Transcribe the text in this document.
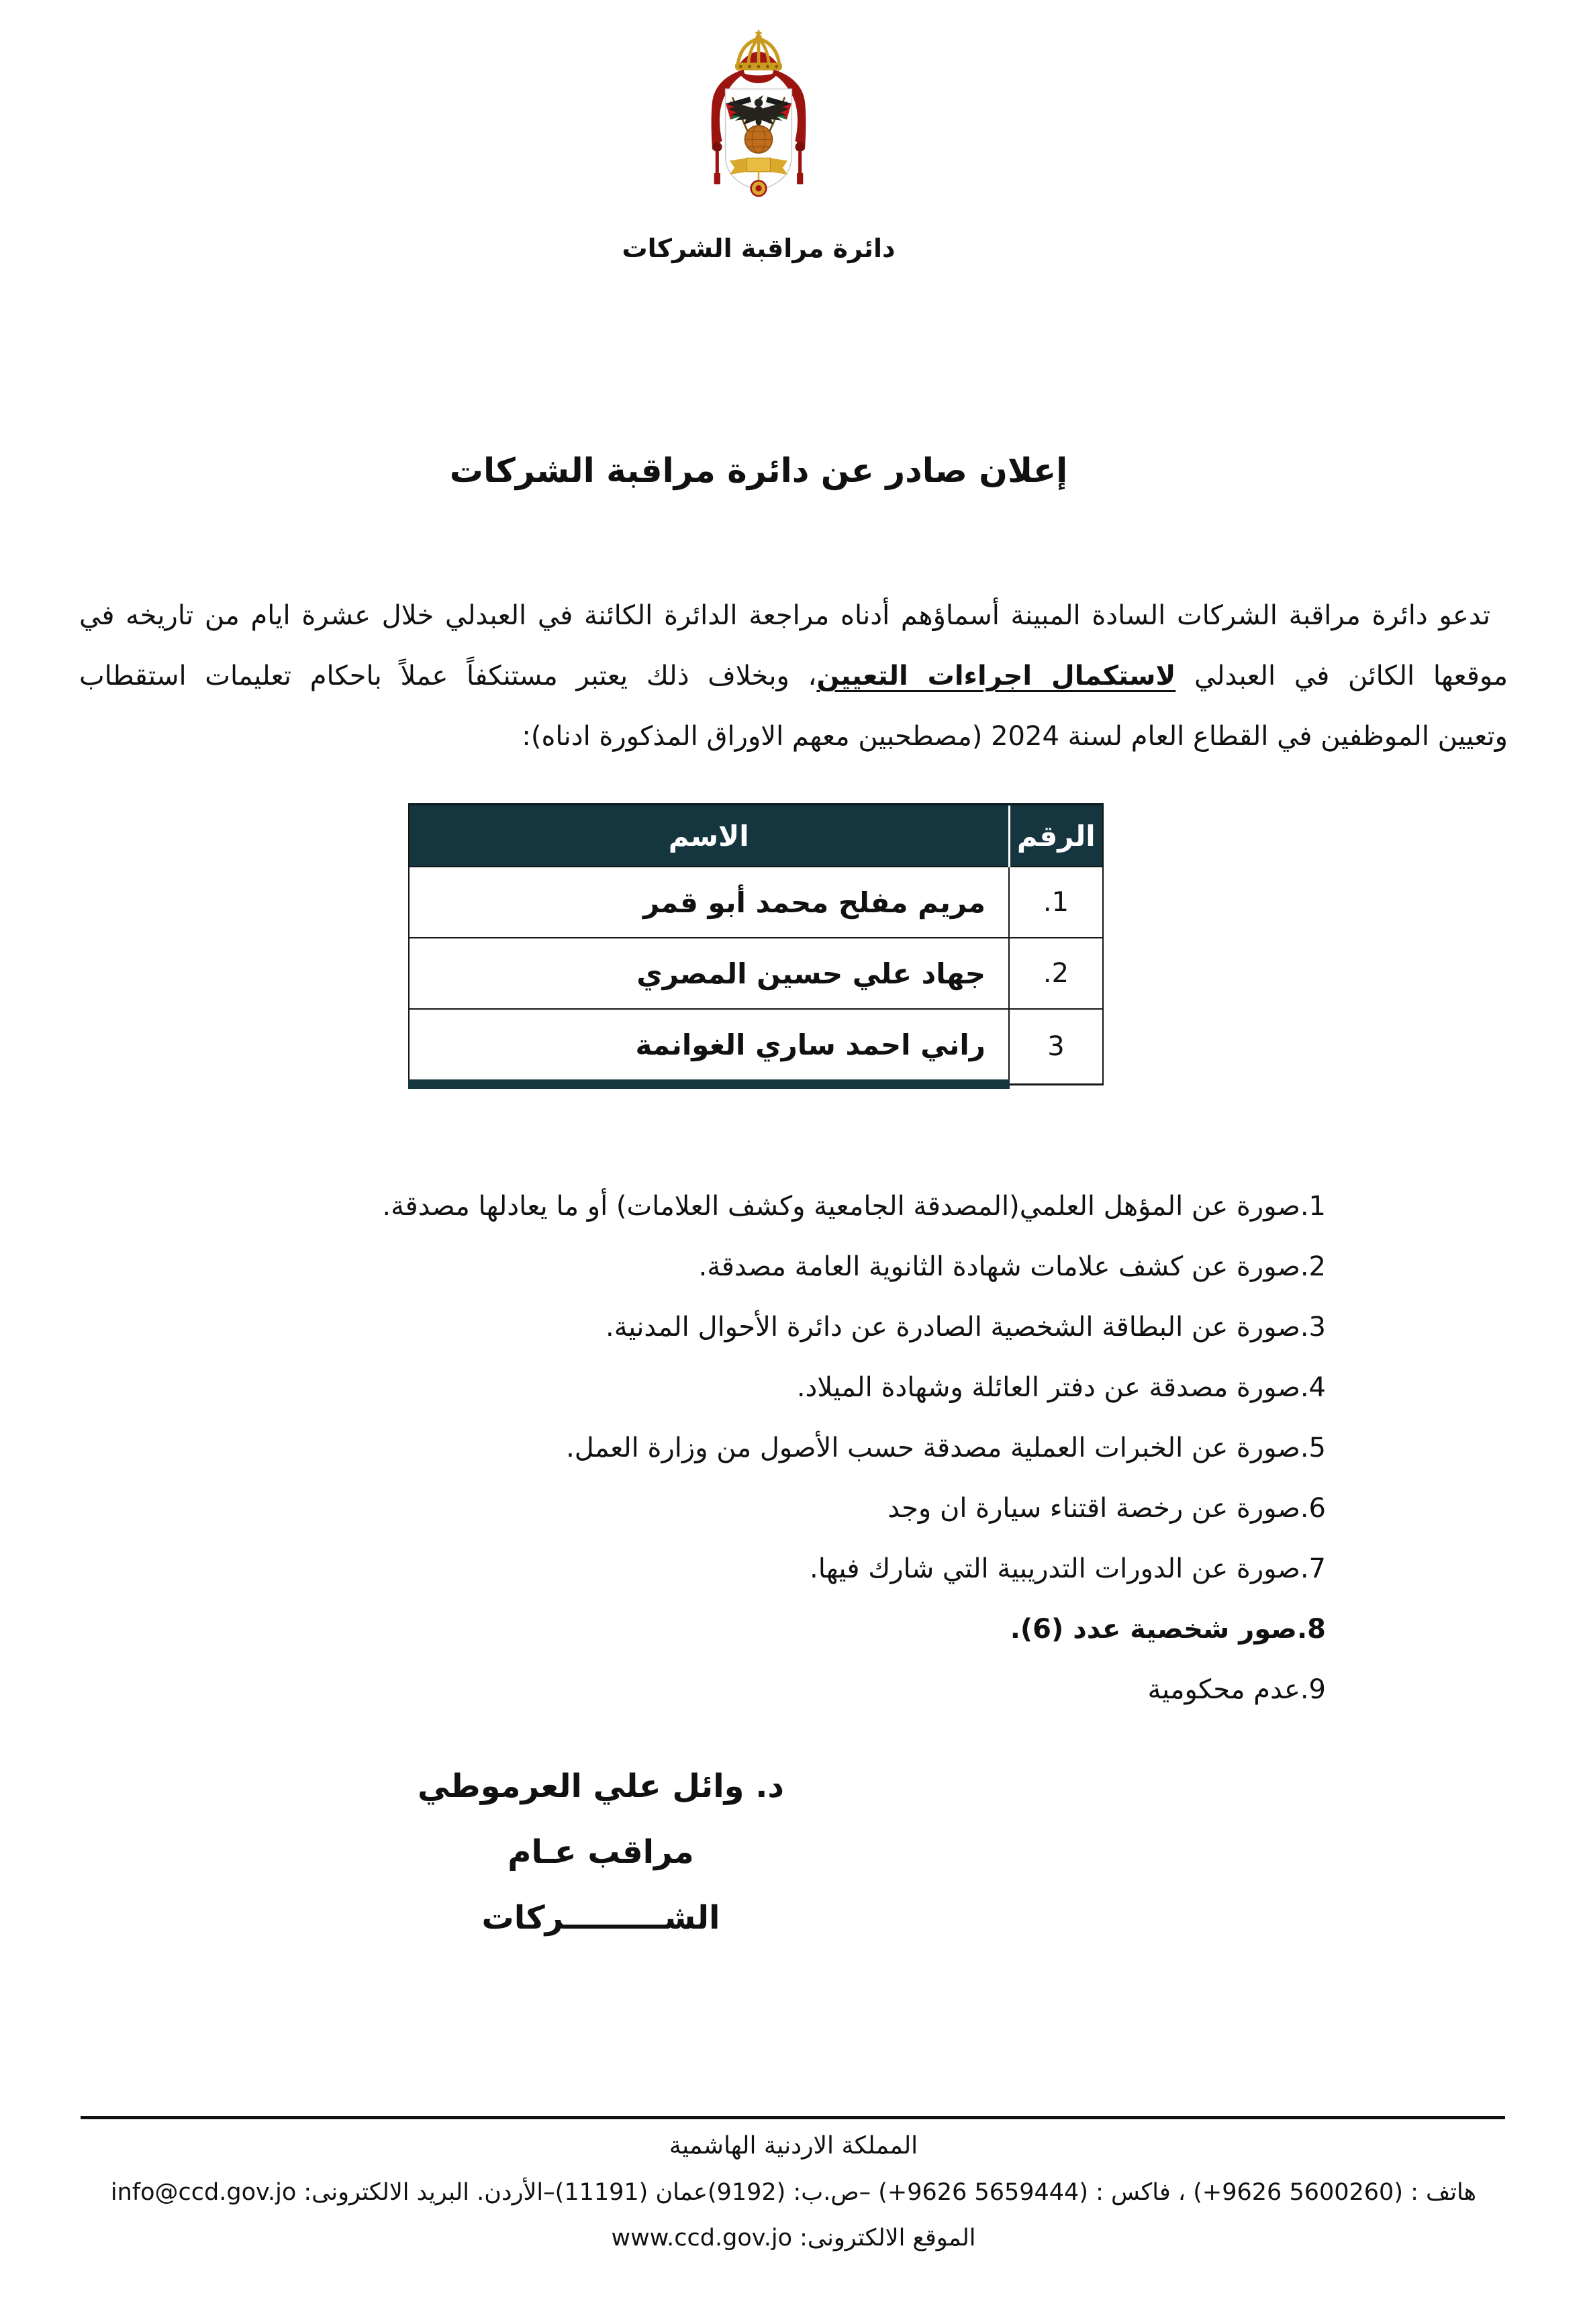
دائرة مراقبة الشركات
إعلان صادر عن دائرة مراقبة الشركات
تدعو دائرة مراقبة الشركات السادة المبينة أسماؤهم أدناه مراجعة الدائرة الكائنة في العبدلي خلال عشرة ايام من تاريخه في
موقعها الكائن في العبدلي لاستكمال اجراءات التعيين، وبخلاف ذلك يعتبر مستنكفاً عملاً باحكام تعليمات استقطاب
وتعيين الموظفين في القطاع العام لسنة 2024 (مصطحبين معهم الاوراق المذكورة ادناه):
الرقم	الاسم
1.	مريم مفلح محمد أبو قمر
2.	جهاد علي حسين المصري
3	راني احمد ساري الغوانمة
1.صورة عن المؤهل العلمي(المصدقة الجامعية وكشف العلامات) أو ما يعادلها مصدقة.
2.صورة عن كشف علامات شهادة الثانوية العامة مصدقة.
3.صورة عن البطاقة الشخصية الصادرة عن دائرة الأحوال المدنية.
4.صورة مصدقة عن دفتر العائلة وشهادة الميلاد.
5.صورة عن الخبرات العملية مصدقة حسب الأصول من وزارة العمل.
6.صورة عن رخصة اقتناء سيارة ان وجد
7.صورة عن الدورات التدريبية التي شارك فيها.
8.صور شخصية عدد (6).
9.عدم محكومية
د. وائل علي العرموطي
مراقب عـام الشـــــــــركات
المملكة الاردنية الهاشمية
هاتف : (‪+9626 5600260‬) ، فاكس : (‪+9626 5659444‬) –ص.ب: (9192)عمان (11191)–الأردن. البريد الالكترونى: info@ccd.gov.jo
الموقع الالكترونى: www.ccd.gov.jo
